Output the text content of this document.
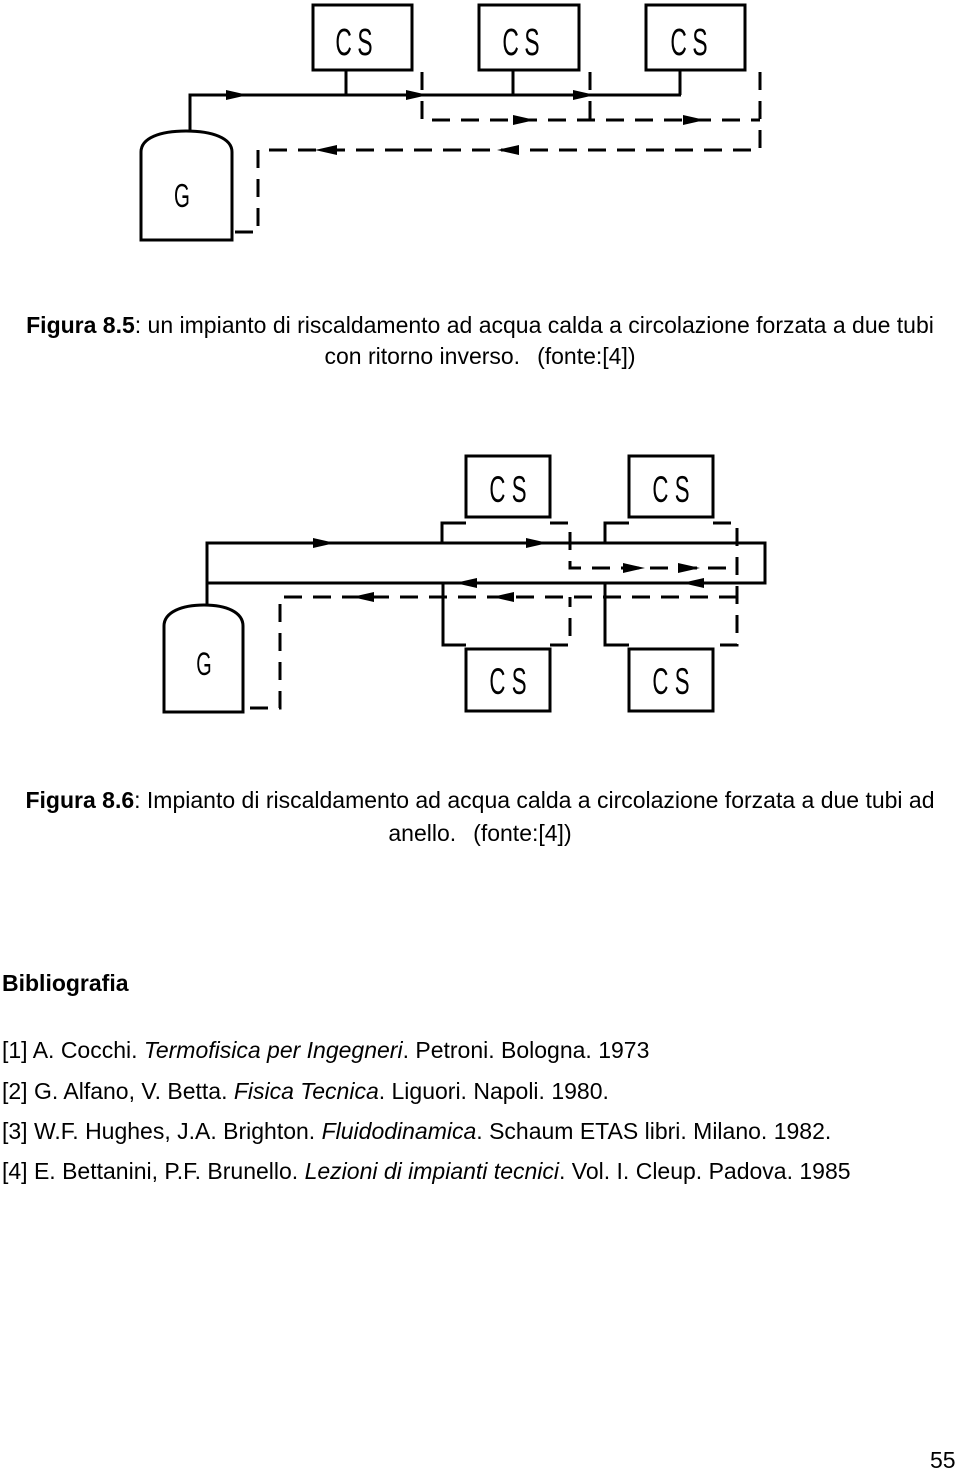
CS	CS	CS
G
Figura 8.5: un impianto di riscaldamento ad acqua calda a circolazione forzata a due tubi
con ritorno inverso. (fonte:[4])
CS	CS
CS	CS
G
Figura 8.6: Impianto di riscaldamento ad acqua calda a circolazione forzata a due tubi ad
anello. (fonte:[4])
Bibliografia
[1] A. Cocchi. Termofisica per Ingegneri. Petroni. Bologna. 1973
[2] G. Alfano, V. Betta. Fisica Tecnica. Liguori. Napoli. 1980.
[3] W.F. Hughes, J.A. Brighton. Fluidodinamica. Schaum ETAS libri. Milano. 1982.
[4] E. Bettanini, P.F. Brunello. Lezioni di impianti tecnici. Vol. I. Cleup. Padova. 1985
55
